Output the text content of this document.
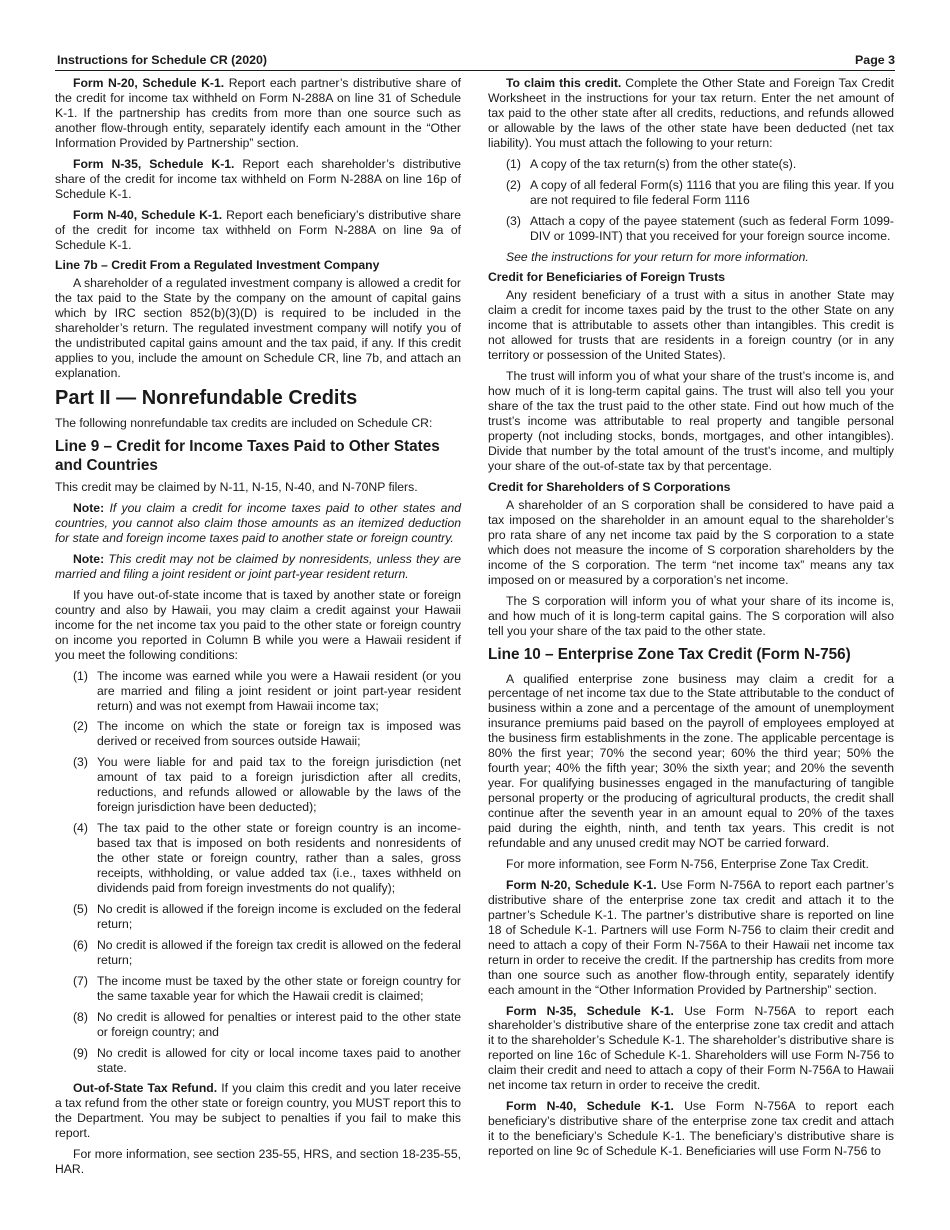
Instructions for Schedule CR (2020)	Page 3

Form N-20, Schedule K-1. Report each partner’s distributive share of the credit for income tax withheld on Form N-288A on line 31 of Schedule K-1. If the partnership has credits from more than one source such as another flow-through entity, separately identify each amount in the “Other Information Provided by Partnership” section.

Form N-35, Schedule K-1. Report each shareholder’s distributive share of the credit for income tax withheld on Form N-288A on line 16p of Schedule K-1.

Form N-40, Schedule K-1. Report each beneficiary’s distributive share of the credit for income tax withheld on Form N-288A on line 9a of Schedule K-1.

Line 7b – Credit From a Regulated Investment Company

A shareholder of a regulated investment company is allowed a credit for the tax paid to the State by the company on the amount of capital gains which by IRC section 852(b)(3)(D) is required to be included in the shareholder’s return. The regulated investment company will notify you of the undistributed capital gains amount and the tax paid, if any. If this credit applies to you, include the amount on Schedule CR, line 7b, and attach an explanation.

Part II — Nonrefundable Credits

The following nonrefundable tax credits are included on Schedule CR:

Line 9 – Credit for Income Taxes Paid to Other States and Countries

This credit may be claimed by N-11, N-15, N-40, and N-70NP filers.

Note: If you claim a credit for income taxes paid to other states and countries, you cannot also claim those amounts as an itemized deduction for state and foreign income taxes paid to another state or foreign country.

Note: This credit may not be claimed by nonresidents, unless they are married and filing a joint resident or joint part-year resident return.

If you have out-of-state income that is taxed by another state or foreign country and also by Hawaii, you may claim a credit against your Hawaii income for the net income tax you paid to the other state or foreign country on income you reported in Column B while you were a Hawaii resident if you meet the following conditions:

(1) The income was earned while you were a Hawaii resident (or you are married and filing a joint resident or joint part-year resident return) and was not exempt from Hawaii income tax;
(2) The income on which the state or foreign tax is imposed was derived or received from sources outside Hawaii;
(3) You were liable for and paid tax to the foreign jurisdiction (net amount of tax paid to a foreign jurisdiction after all credits, reductions, and refunds allowed or allowable by the laws of the foreign jurisdiction have been deducted);
(4) The tax paid to the other state or foreign country is an income-based tax that is imposed on both residents and nonresidents of the other state or foreign country, rather than a sales, gross receipts, withholding, or value added tax (i.e., taxes withheld on dividends paid from foreign investments do not qualify);
(5) No credit is allowed if the foreign income is excluded on the federal return;
(6) No credit is allowed if the foreign tax credit is allowed on the federal return;
(7) The income must be taxed by the other state or foreign country for the same taxable year for which the Hawaii credit is claimed;
(8) No credit is allowed for penalties or interest paid to the other state or foreign country; and
(9) No credit is allowed for city or local income taxes paid to another state.

Out-of-State Tax Refund. If you claim this credit and you later receive a tax refund from the other state or foreign country, you MUST report this to the Department. You may be subject to penalties if you fail to make this report.

For more information, see section 235-55, HRS, and section 18-235-55, HAR.

To claim this credit. Complete the Other State and Foreign Tax Credit Worksheet in the instructions for your tax return. Enter the net amount of tax paid to the other state after all credits, reductions, and refunds allowed or allowable by the laws of the other state have been deducted (net tax liability). You must attach the following to your return:

(1) A copy of the tax return(s) from the other state(s).
(2) A copy of all federal Form(s) 1116 that you are filing this year. If you are not required to file federal Form 1116
(3) Attach a copy of the payee statement (such as federal Form 1099-DIV or 1099-INT) that you received for your foreign source income.

See the instructions for your return for more information.

Credit for Beneficiaries of Foreign Trusts

Any resident beneficiary of a trust with a situs in another State may claim a credit for income taxes paid by the trust to the other State on any income that is attributable to assets other than intangibles. This credit is not allowed for trusts that are residents in a foreign country (or in any territory or possession of the United States).

The trust will inform you of what your share of the trust’s income is, and how much of it is long-term capital gains. The trust will also tell you your share of the tax the trust paid to the other state. Find out how much of the trust’s income was attributable to real property and tangible personal property (not including stocks, bonds, mortgages, and other intangibles). Divide that number by the total amount of the trust’s income, and multiply your share of the out-of-state tax by that percentage.

Credit for Shareholders of S Corporations

A shareholder of an S corporation shall be considered to have paid a tax imposed on the shareholder in an amount equal to the shareholder’s pro rata share of any net income tax paid by the S corporation to a state which does not measure the income of S corporation shareholders by the income of the S corporation. The term “net income tax” means any tax imposed on or measured by a corporation’s net income.

The S corporation will inform you of what your share of its income is, and how much of it is long-term capital gains. The S corporation will also tell you your share of the tax paid to the other state.

Line 10 – Enterprise Zone Tax Credit (Form N-756)

A qualified enterprise zone business may claim a credit for a percentage of net income tax due to the State attributable to the conduct of business within a zone and a percentage of the amount of unemployment insurance premiums paid based on the payroll of employees employed at the business firm establishments in the zone. The applicable percentage is 80% the first year; 70% the second year; 60% the third year; 50% the fourth year; 40% the fifth year; 30% the sixth year; and 20% the seventh year. For qualifying businesses engaged in the manufacturing of tangible personal property or the producing of agricultural products, the credit shall continue after the seventh year in an amount equal to 20% of the taxes paid during the eighth, ninth, and tenth tax years. This credit is not refundable and any unused credit may NOT be carried forward.

For more information, see Form N-756, Enterprise Zone Tax Credit.

Form N-20, Schedule K-1. Use Form N-756A to report each partner’s distributive share of the enterprise zone tax credit and attach it to the partner’s Schedule K-1. The partner’s distributive share is reported on line 18 of Schedule K-1. Partners will use Form N-756 to claim their credit and need to attach a copy of their Form N-756A to their Hawaii net income tax return in order to receive the credit. If the partnership has credits from more than one source such as another flow-through entity, separately identify each amount in the “Other Information Provided by Partnership” section.

Form N-35, Schedule K-1. Use Form N-756A to report each shareholder’s distributive share of the enterprise zone tax credit and attach it to the shareholder’s Schedule K-1. The shareholder’s distributive share is reported on line 16c of Schedule K-1. Shareholders will use Form N-756 to claim their credit and need to attach a copy of their Form N-756A to Hawaii net income tax return in order to receive the credit.

Form N-40, Schedule K-1. Use Form N-756A to report each beneficiary’s distributive share of the enterprise zone tax credit and attach it to the beneficiary’s Schedule K-1. The beneficiary’s distributive share is reported on line 9c of Schedule K-1. Beneficiaries will use Form N-756 to
